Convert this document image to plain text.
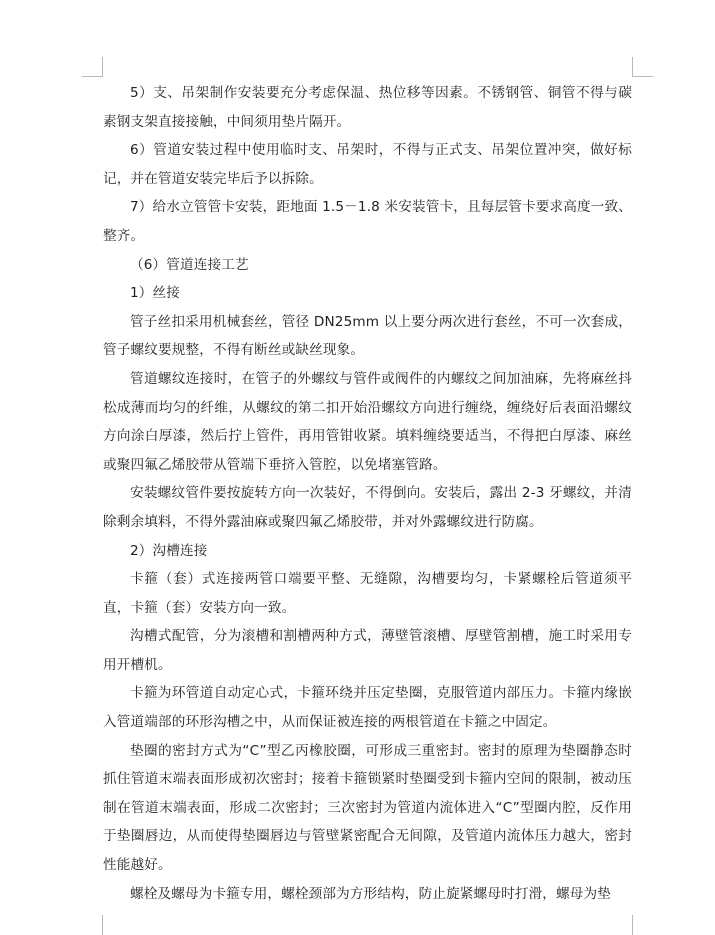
5）支、吊架制作安装要充分考虑保温、热位移等因素。不锈钢管、铜管不得与碳素钢支架直接接触，中间须用垫片隔开。

6）管道安装过程中使用临时支、吊架时，不得与正式支、吊架位置冲突，做好标记，并在管道安装完毕后予以拆除。

7）给水立管管卡安装，距地面 1.5－1.8 米安装管卡，且每层管卡要求高度一致、整齐。

（6）管道连接工艺

1）丝接

管子丝扣采用机械套丝，管径 DN25mm 以上要分两次进行套丝，不可一次套成，管子螺纹要规整，不得有断丝或缺丝现象。

管道螺纹连接时，在管子的外螺纹与管件或阀件的内螺纹之间加油麻，先将麻丝抖松成薄而均匀的纤维，从螺纹的第二扣开始沿螺纹方向进行缠绕，缠绕好后表面沿螺纹方向涂白厚漆，然后拧上管件，再用管钳收紧。填料缠绕要适当，不得把白厚漆、麻丝或聚四氟乙烯胶带从管端下垂挤入管腔，以免堵塞管路。

安装螺纹管件要按旋转方向一次装好，不得倒向。安装后，露出 2-3 牙螺纹，并清除剩余填料，不得外露油麻或聚四氟乙烯胶带，并对外露螺纹进行防腐。

2）沟槽连接

卡箍（套）式连接两管口端要平整、无缝隙，沟槽要均匀，卡紧螺栓后管道须平直，卡箍（套）安装方向一致。

沟槽式配管，分为滚槽和割槽两种方式，薄壁管滚槽、厚壁管割槽，施工时采用专用开槽机。

卡箍为环管道自动定心式，卡箍环绕并压定垫圈，克服管道内部压力。卡箍内缘嵌入管道端部的环形沟槽之中，从而保证被连接的两根管道在卡箍之中固定。

垫圈的密封方式为“C”型乙丙橡胶圈，可形成三重密封。密封的原理为垫圈静态时抓住管道末端表面形成初次密封；接着卡箍锁紧时垫圈受到卡箍内空间的限制，被动压制在管道末端表面，形成二次密封；三次密封为管道内流体进入“C”型圈内腔，反作用于垫圈唇边，从而使得垫圈唇边与管壁紧密配合无间隙，及管道内流体压力越大，密封性能越好。

螺栓及螺母为卡箍专用，螺栓颈部为方形结构，防止旋紧螺母时打滑，螺母为垫
